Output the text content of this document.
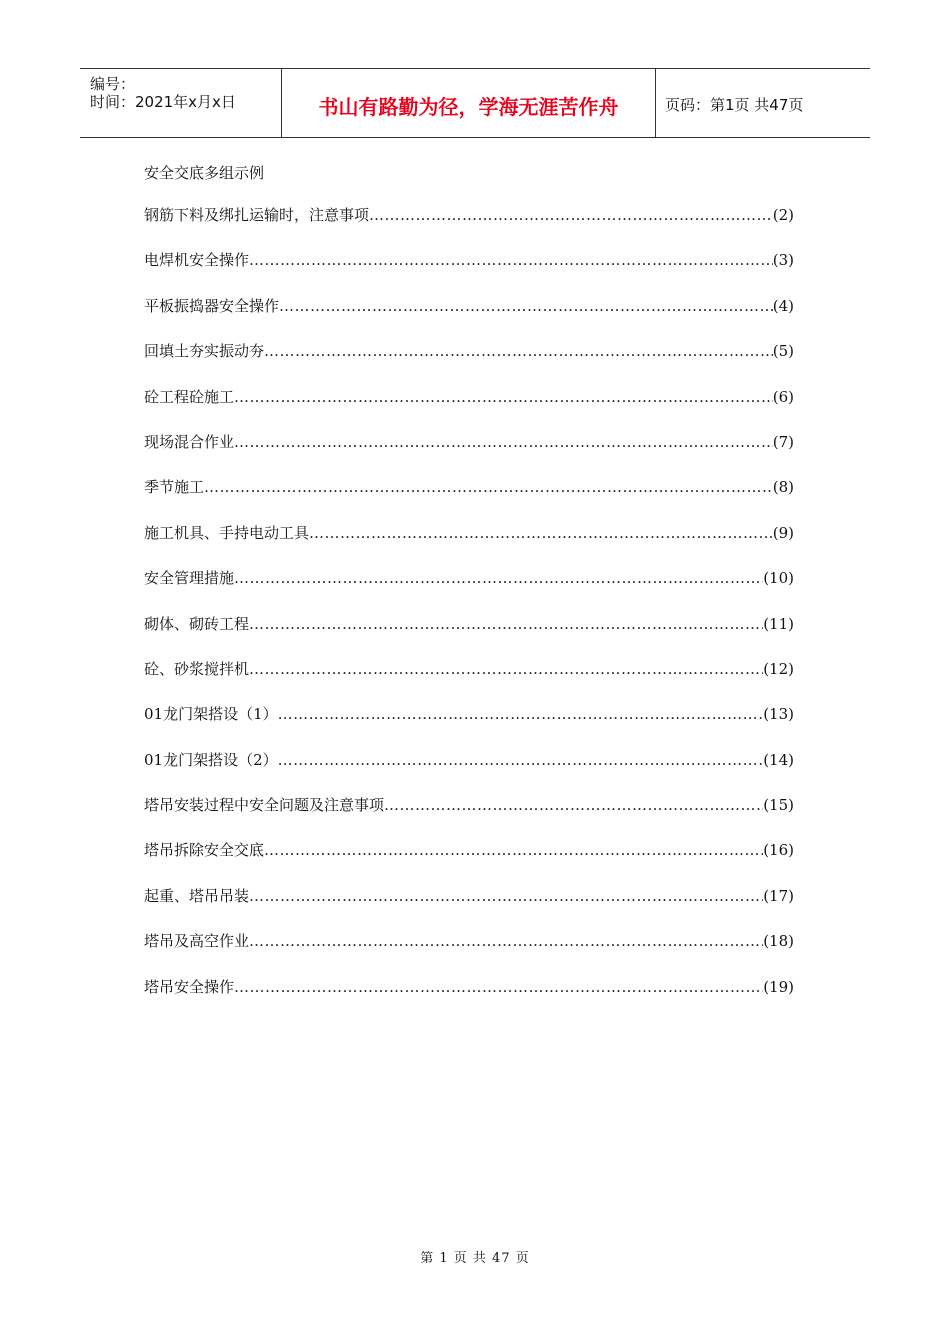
编号：
时间：2021年x月x日	书山有路勤为径，学海无涯苦作舟	页码：第1页 共47页
安全交底多组示例
钢筋下料及绑扎运输时，注意事项 ………………………………………………………………………………………………………………………………………………………………	(2)
电焊机安全操作 ………………………………………………………………………………………………………………………………………………………………	(3)
平板振捣器安全操作 ………………………………………………………………………………………………………………………………………………………………	(4)
回填土夯实振动夯 ………………………………………………………………………………………………………………………………………………………………	(5)
砼工程砼施工 ………………………………………………………………………………………………………………………………………………………………	(6)
现场混合作业 ………………………………………………………………………………………………………………………………………………………………	(7)
季节施工 ………………………………………………………………………………………………………………………………………………………………	(8)
施工机具、手持电动工具 ………………………………………………………………………………………………………………………………………………………………	(9)
安全管理措施 ………………………………………………………………………………………………………………………………………………………………	(10)
砌体、砌砖工程 ………………………………………………………………………………………………………………………………………………………………	(11)
砼、砂浆搅拌机 ………………………………………………………………………………………………………………………………………………………………	(12)
01龙门架搭设（1） ………………………………………………………………………………………………………………………………………………………………	(13)
01龙门架搭设（2） ………………………………………………………………………………………………………………………………………………………………	(14)
塔吊安装过程中安全问题及注意事项 ………………………………………………………………………………………………………………………………………………………………	(15)
塔吊拆除安全交底 ………………………………………………………………………………………………………………………………………………………………	(16)
起重、塔吊吊装 ………………………………………………………………………………………………………………………………………………………………	(17)
塔吊及高空作业 ………………………………………………………………………………………………………………………………………………………………	(18)
塔吊安全操作 ………………………………………………………………………………………………………………………………………………………………	(19)
第 1 页 共 47 页
